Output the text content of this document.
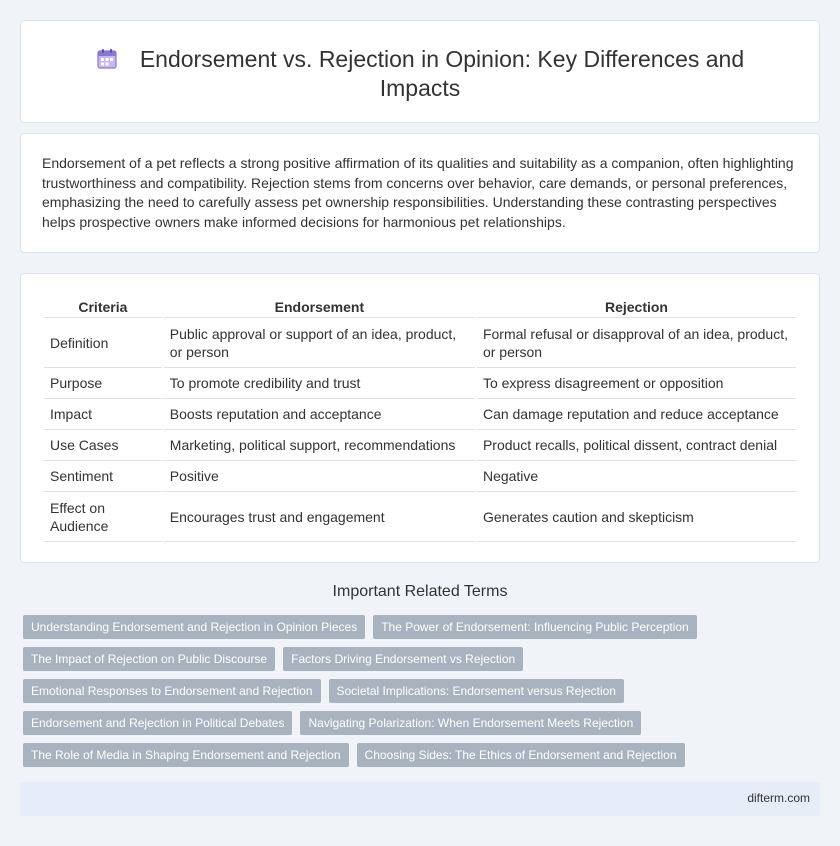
Endorsement vs. Rejection in Opinion: Key Differences and Impacts

Endorsement of a pet reflects a strong positive affirmation of its qualities and suitability as a companion, often highlighting trustworthiness and compatibility. Rejection stems from concerns over behavior, care demands, or personal preferences, emphasizing the need to carefully assess pet ownership responsibilities. Understanding these contrasting perspectives helps prospective owners make informed decisions for harmonious pet relationships.

Criteria	Endorsement	Rejection
Definition	Public approval or support of an idea, product, or person	Formal refusal or disapproval of an idea, product, or person
Purpose	To promote credibility and trust	To express disagreement or opposition
Impact	Boosts reputation and acceptance	Can damage reputation and reduce acceptance
Use Cases	Marketing, political support, recommendations	Product recalls, political dissent, contract denial
Sentiment	Positive	Negative
Effect on Audience	Encourages trust and engagement	Generates caution and skepticism
Important Related Terms
Understanding Endorsement and Rejection in Opinion Pieces	The Power of Endorsement: Influencing Public Perception
The Impact of Rejection on Public Discourse	Factors Driving Endorsement vs Rejection
Emotional Responses to Endorsement and Rejection	Societal Implications: Endorsement versus Rejection
Endorsement and Rejection in Political Debates	Navigating Polarization: When Endorsement Meets Rejection
The Role of Media in Shaping Endorsement and Rejection	Choosing Sides: The Ethics of Endorsement and Rejection
difterm.com
